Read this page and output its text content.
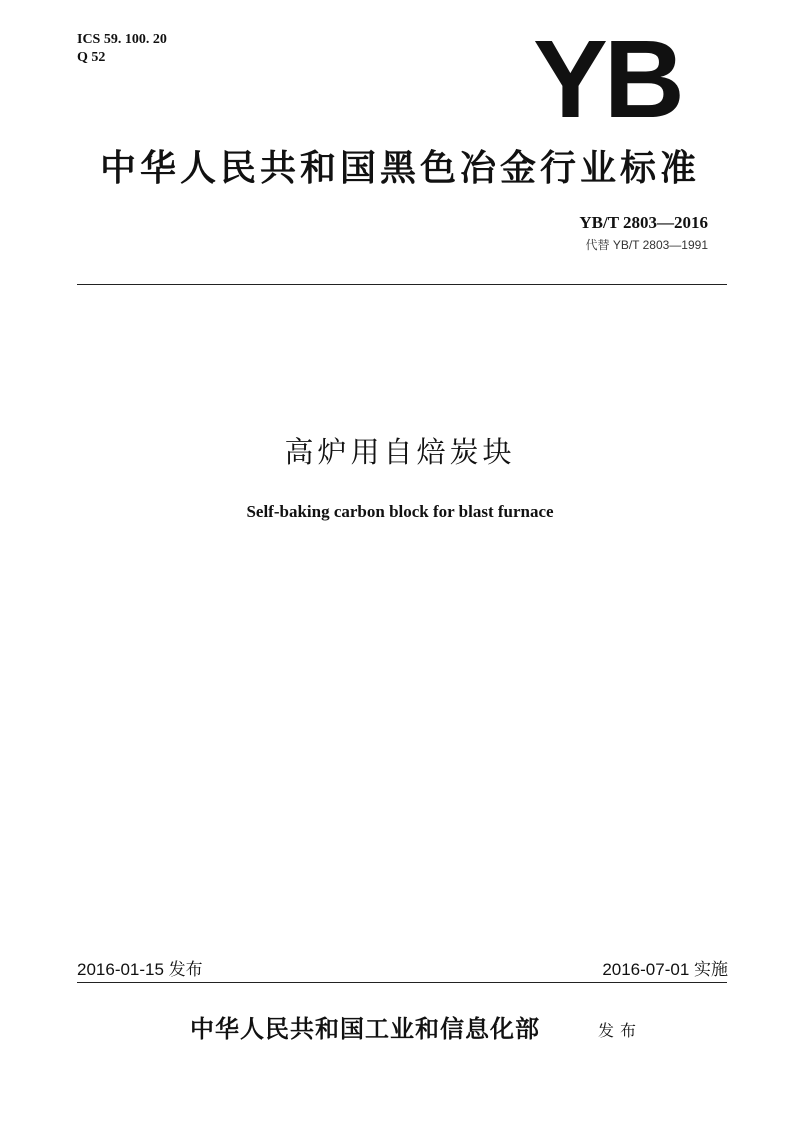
ICS 59. 100. 20
Q 52	YB
中华人民共和国黑色冶金行业标准
YB/T 2803—2016
代替 YB/T 2803—1991
高炉用自焙炭块
Self-baking carbon block for blast furnace
2016-01-15 发布	2016-07-01 实施
中华人民共和国工业和信息化部	发布
